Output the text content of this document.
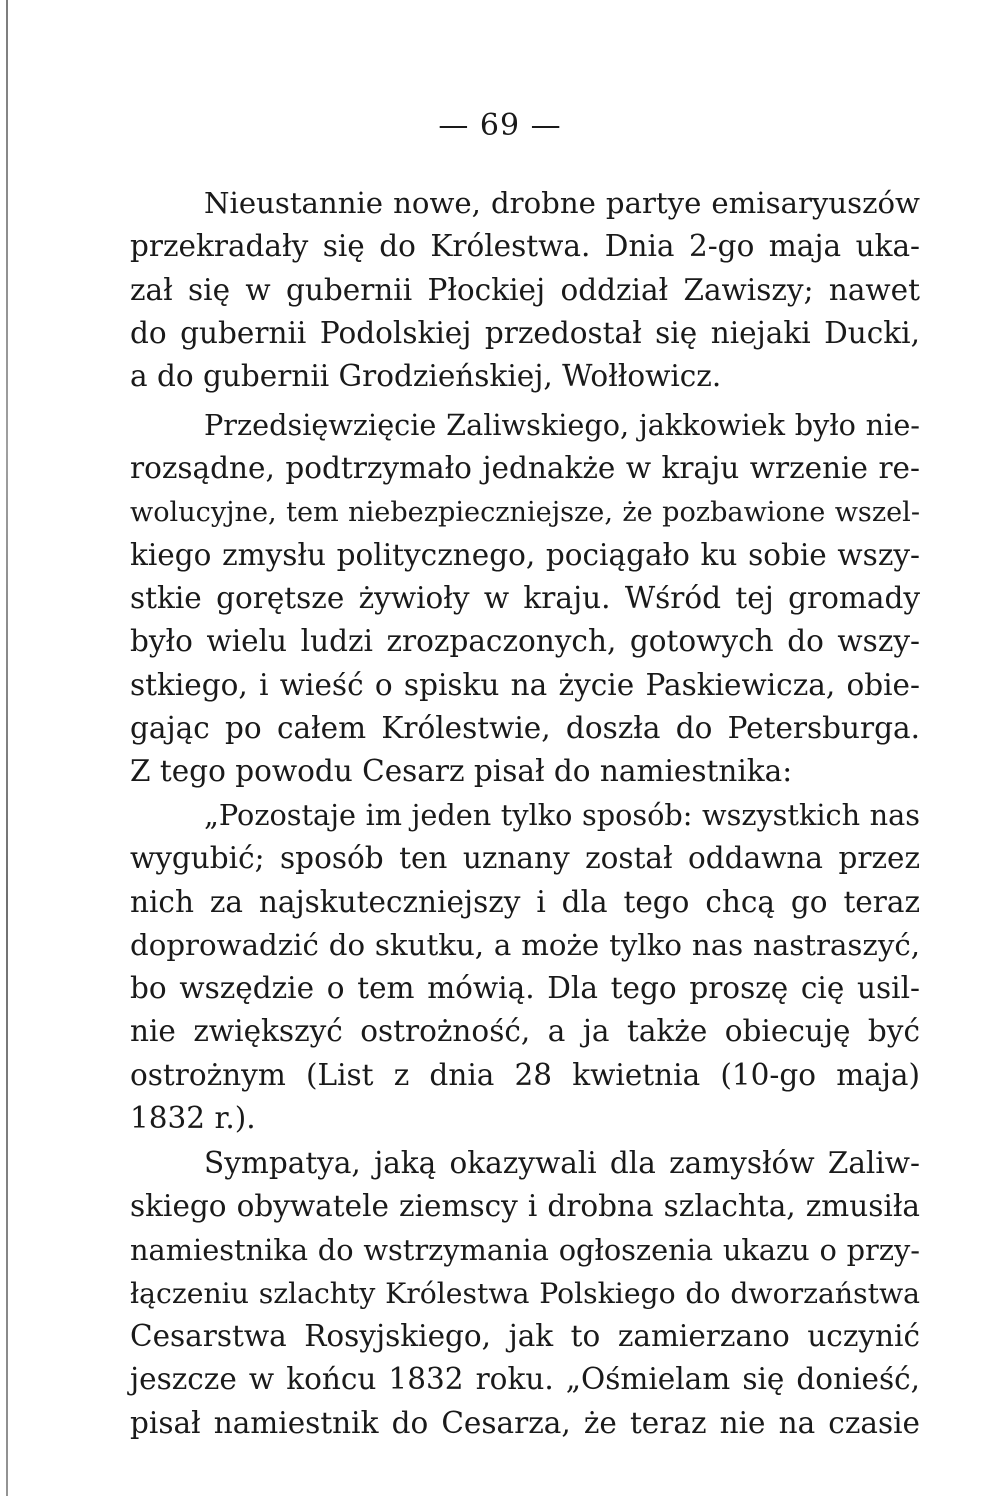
— 69 —
Nieustannie nowe, drobne partye emisaryuszów
przekradały się do Królestwa. Dnia 2-go maja uka-
zał się w gubernii Płockiej oddział Zawiszy; nawet
do gubernii Podolskiej przedostał się niejaki Ducki,
a do gubernii Grodzieńskiej, Wołłowicz.
Przedsięwzięcie Zaliwskiego, jakkowiek było nie-
rozsądne, podtrzymało jednakże w kraju wrzenie re-
wolucyjne, tem niebezpieczniejsze, że pozbawione wszel-
kiego zmysłu politycznego, pociągało ku sobie wszy-
stkie gorętsze żywioły w kraju. Wśród tej gromady
było wielu ludzi zrozpaczonych, gotowych do wszy-
stkiego, i wieść o spisku na życie Paskiewicza, obie-
gając po całem Królestwie, doszła do Petersburga.
Z tego powodu Cesarz pisał do namiestnika:
„Pozostaje im jeden tylko sposób: wszystkich nas
wygubić; sposób ten uznany został oddawna przez
nich za najskuteczniejszy i dla tego chcą go teraz
doprowadzić do skutku, a może tylko nas nastraszyć,
bo wszędzie o tem mówią. Dla tego proszę cię usil-
nie zwiększyć ostrożność, a ja także obiecuję być
ostrożnym (List z dnia 28 kwietnia (10-go maja)
1832 r.).
Sympatya, jaką okazywali dla zamysłów Zaliw-
skiego obywatele ziemscy i drobna szlachta, zmusiła
namiestnika do wstrzymania ogłoszenia ukazu o przy-
łączeniu szlachty Królestwa Polskiego do dworzaństwa
Cesarstwa Rosyjskiego, jak to zamierzano uczynić
jeszcze w końcu 1832 roku. „Ośmielam się donieść,
pisał namiestnik do Cesarza, że teraz nie na czasie
